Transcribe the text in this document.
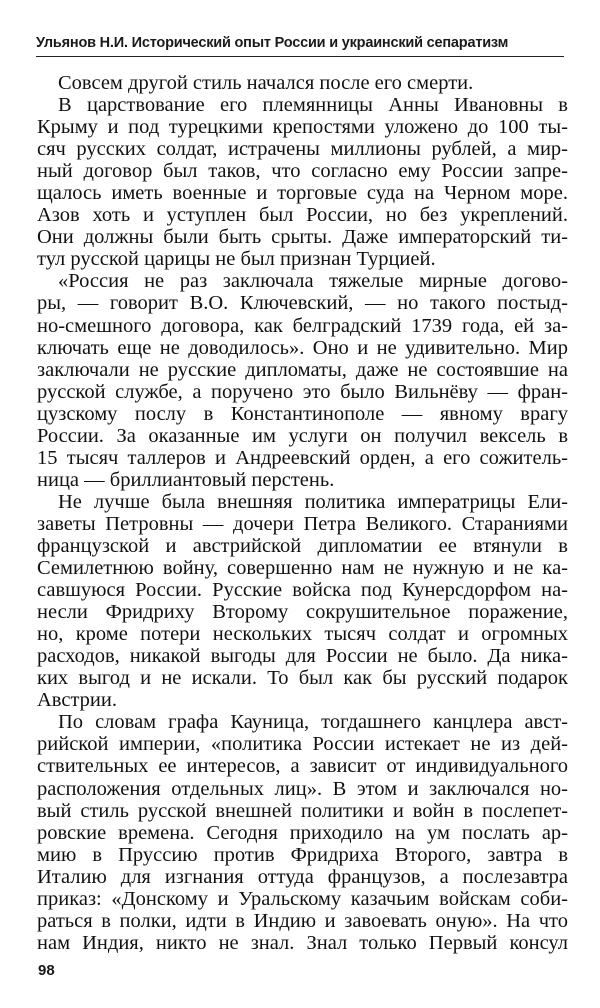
Ульянов Н.И. Исторический опыт России и украинский сепаратизм
Совсем другой стиль начался после его смерти.
В царствование его племянницы Анны Ивановны в
Крыму и под турецкими крепостями уложено до 100 ты-
сяч русских солдат, истрачены миллионы рублей, а мир-
ный договор был таков, что согласно ему России запре-
щалось иметь военные и торговые суда на Черном море.
Азов хоть и уступлен был России, но без укреплений.
Они должны были быть срыты. Даже императорский ти-
тул русской царицы не был признан Турцией.
«Россия не раз заключала тяжелые мирные догово-
ры, — говорит В.О. Ключевский, — но такого постыд-
но-смешного договора, как белградский 1739 года, ей за-
ключать еще не доводилось». Оно и не удивительно. Мир
заключали не русские дипломаты, даже не состоявшие на
русской службе, а поручено это было Вильнёву — фран-
цузскому послу в Константинополе — явному врагу
России. За оказанные им услуги он получил вексель в
15 тысяч таллеров и Андреевский орден, а его сожитель-
ница — бриллиантовый перстень.
Не лучше была внешняя политика императрицы Ели-
заветы Петровны — дочери Петра Великого. Стараниями
французской и австрийской дипломатии ее втянули в
Семилетнюю войну, совершенно нам не нужную и не ка-
савшуюся России. Русские войска под Кунерсдорфом на-
несли Фридриху Второму сокрушительное поражение,
но, кроме потери нескольких тысяч солдат и огромных
расходов, никакой выгоды для России не было. Да ника-
ких выгод и не искали. То был как бы русский подарок
Австрии.
По словам графа Кауница, тогдашнего канцлера авст-
рийской империи, «политика России истекает не из дей-
ствительных ее интересов, а зависит от индивидуального
расположения отдельных лиц». В этом и заключался но-
вый стиль русской внешней политики и войн в послепет-
ровские времена. Сегодня приходило на ум послать ар-
мию в Пруссию против Фридриха Второго, завтра в
Италию для изгнания оттуда французов, а послезавтра
приказ: «Донскому и Уральскому казачьим войскам соби-
раться в полки, идти в Индию и завоевать оную». На что
нам Индия, никто не знал. Знал только Первый консул
98
